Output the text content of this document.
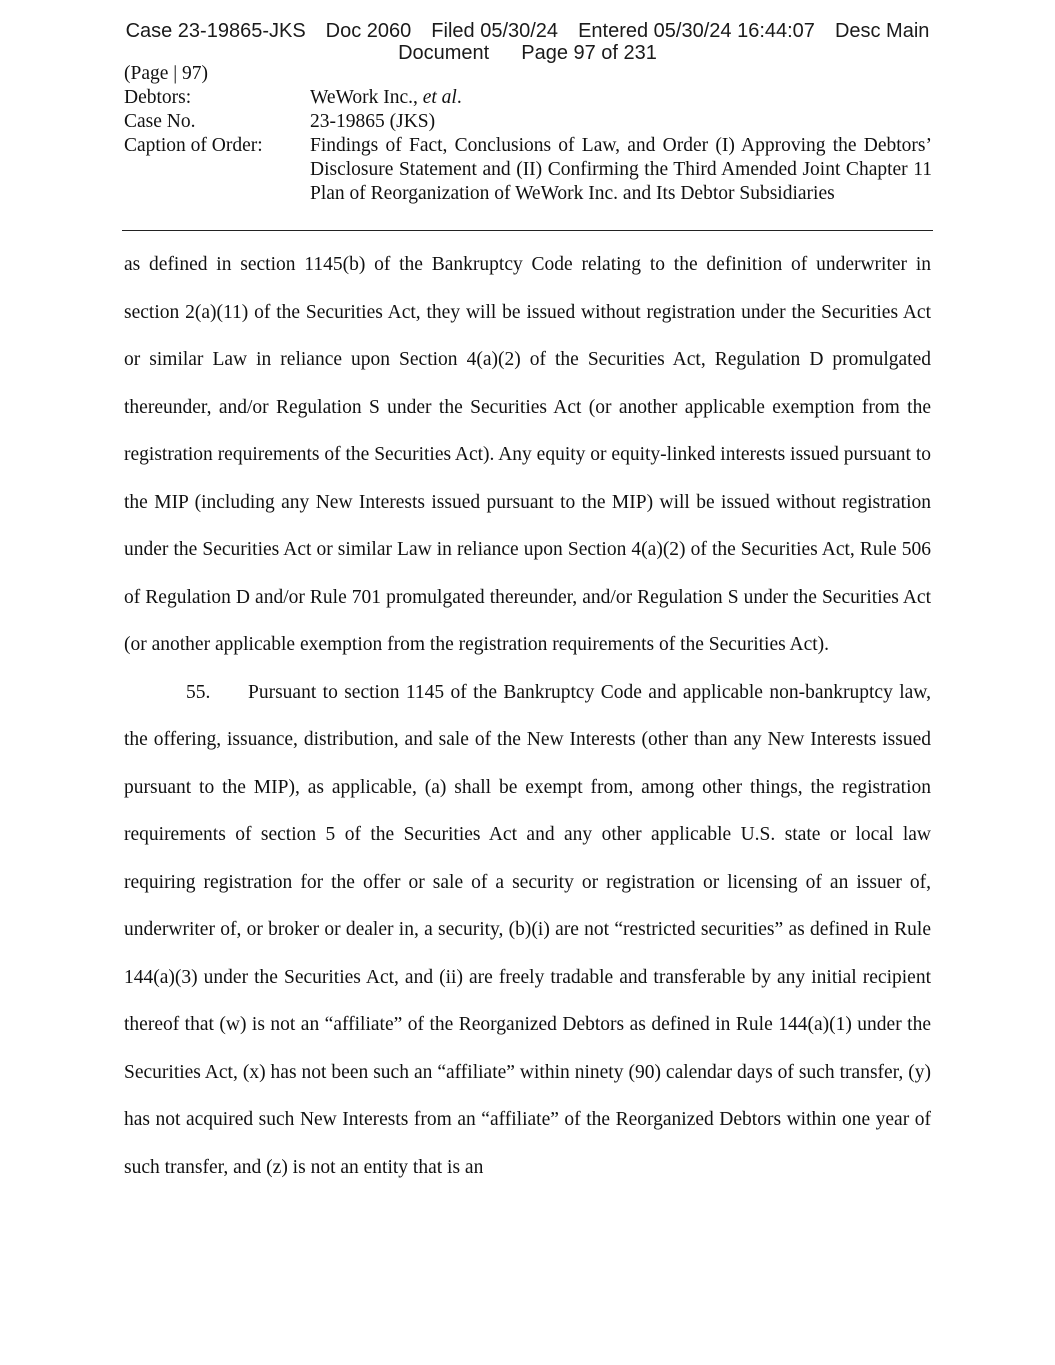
Case 23-19865-JKS Doc 2060 Filed 05/30/24 Entered 05/30/24 16:44:07 Desc Main
Document Page 97 of 231
(Page | 97)
Debtors:	WeWork Inc., et al.
Case No.	23-19865 (JKS)
Caption of Order:	Findings of Fact, Conclusions of Law, and Order (I) Approving the Debtors’ Disclosure Statement and (II) Confirming the Third Amended Joint Chapter 11 Plan of Reorganization of WeWork Inc. and Its Debtor Subsidiaries

as defined in section 1145(b) of the Bankruptcy Code relating to the definition of underwriter in section 2(a)(11) of the Securities Act, they will be issued without registration under the Securities Act or similar Law in reliance upon Section 4(a)(2) of the Securities Act, Regulation D promulgated thereunder, and/or Regulation S under the Securities Act (or another applicable exemption from the registration requirements of the Securities Act). Any equity or equity-linked interests issued pursuant to the MIP (including any New Interests issued pursuant to the MIP) will be issued without registration under the Securities Act or similar Law in reliance upon Section 4(a)(2) of the Securities Act, Rule 506 of Regulation D and/or Rule 701 promulgated thereunder, and/or Regulation S under the Securities Act (or another applicable exemption from the registration requirements of the Securities Act).

55. Pursuant to section 1145 of the Bankruptcy Code and applicable non-bankruptcy law, the offering, issuance, distribution, and sale of the New Interests (other than any New Interests issued pursuant to the MIP), as applicable, (a) shall be exempt from, among other things, the registration requirements of section 5 of the Securities Act and any other applicable U.S. state or local law requiring registration for the offer or sale of a security or registration or licensing of an issuer of, underwriter of, or broker or dealer in, a security, (b)(i) are not “restricted securities” as defined in Rule 144(a)(3) under the Securities Act, and (ii) are freely tradable and transferable by any initial recipient thereof that (w) is not an “affiliate” of the Reorganized Debtors as defined in Rule 144(a)(1) under the Securities Act, (x) has not been such an “affiliate” within ninety (90) calendar days of such transfer, (y) has not acquired such New Interests from an “affiliate” of the Reorganized Debtors within one year of such transfer, and (z) is not an entity that is an
